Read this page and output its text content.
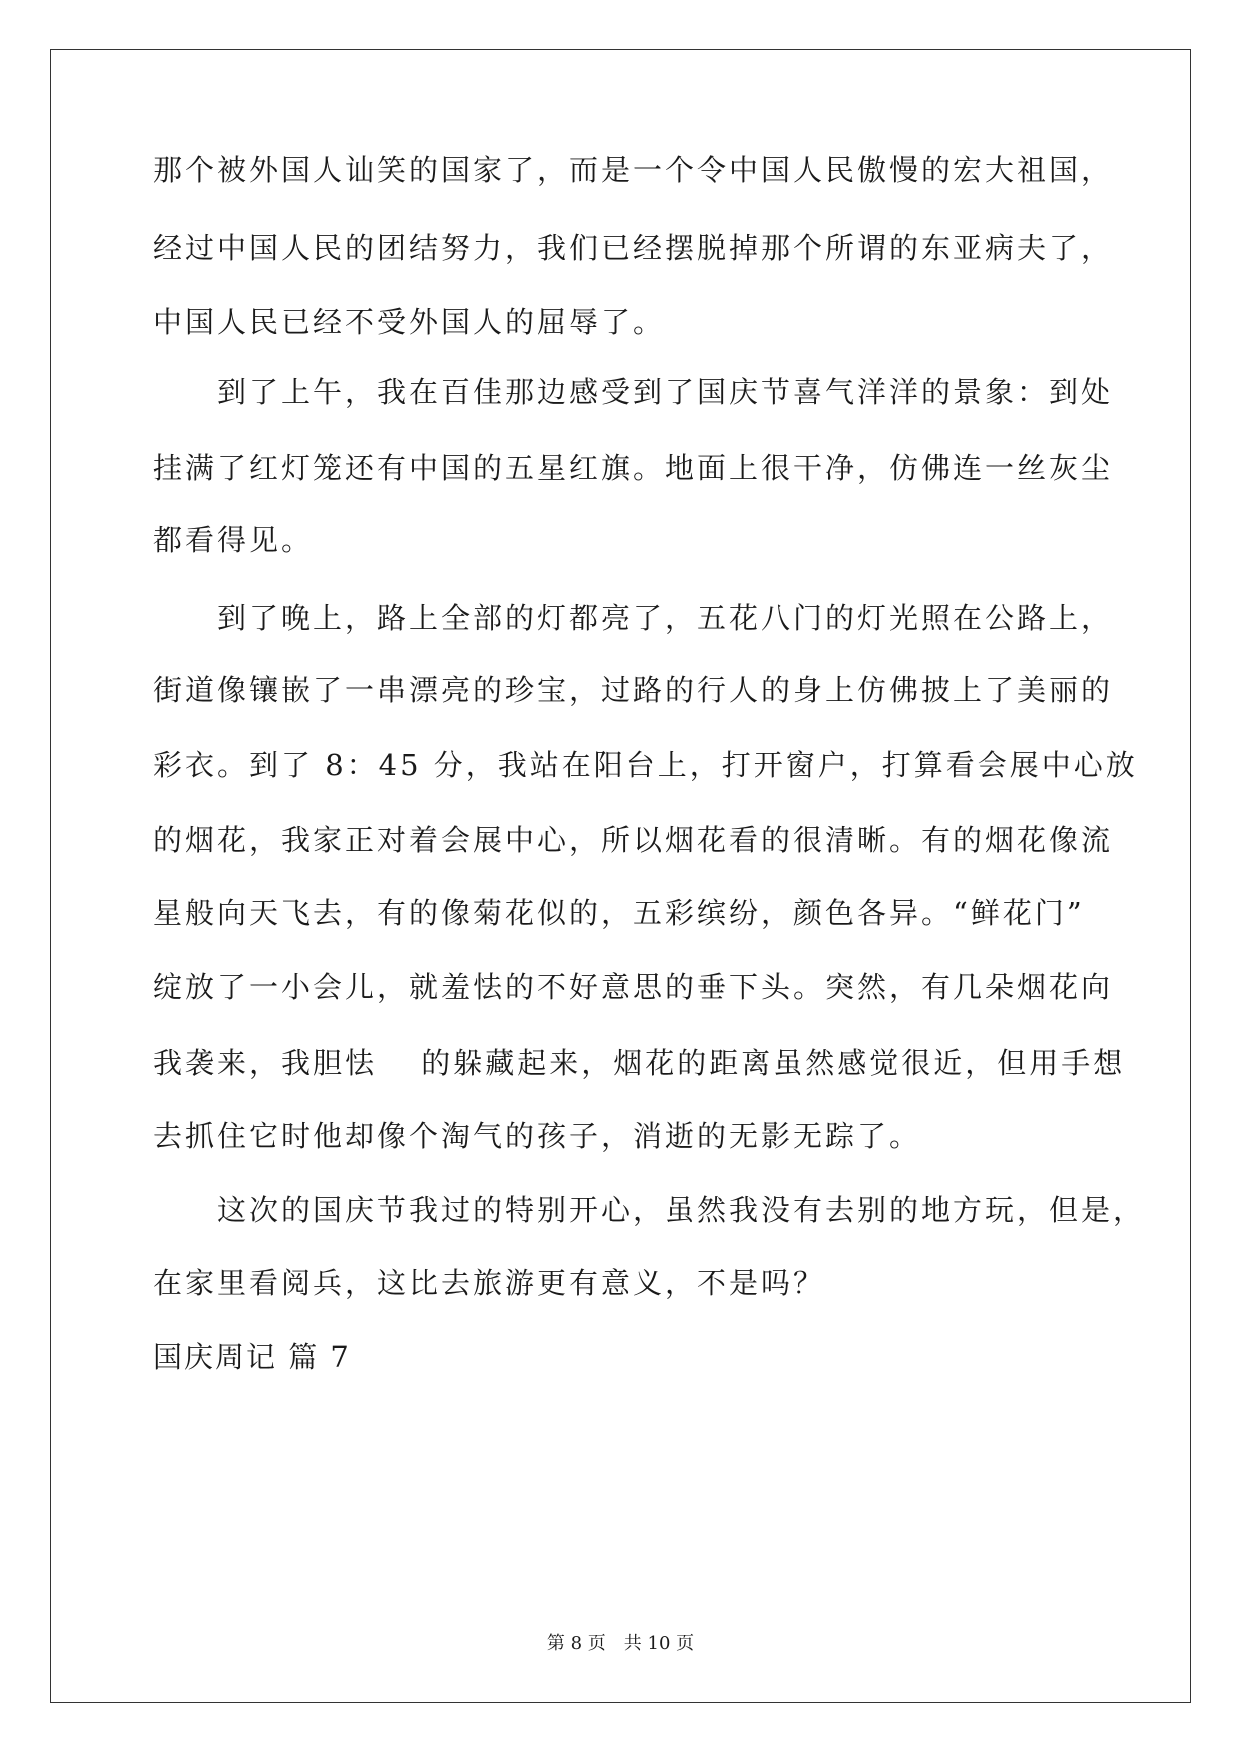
那个被外国人讪笑的国家了，而是一个令中国人民傲慢的宏大祖国，
经过中国人民的团结努力，我们已经摆脱掉那个所谓的东亚病夫了，
中国人民已经不受外国人的屈辱了。
　　到了上午，我在百佳那边感受到了国庆节喜气洋洋的景象：到处
挂满了红灯笼还有中国的五星红旗。地面上很干净，仿佛连一丝灰尘
都看得见。
　　到了晚上，路上全部的灯都亮了，五花八门的灯光照在公路上，
街道像镶嵌了一串漂亮的珍宝，过路的行人的身上仿佛披上了美丽的
彩衣。到了 8：45 分，我站在阳台上，打开窗户，打算看会展中心放
的烟花，我家正对着会展中心，所以烟花看的很清晰。有的烟花像流
星般向天飞去，有的像菊花似的，五彩缤纷，颜色各异。“鲜花门”
绽放了一小会儿，就羞怯的不好意思的垂下头。突然，有几朵烟花向
我袭来，我胆怯　 的躲藏起来，烟花的距离虽然感觉很近，但用手想
去抓住它时他却像个淘气的孩子，消逝的无影无踪了。
　　这次的国庆节我过的特别开心，虽然我没有去别的地方玩，但是，
在家里看阅兵，这比去旅游更有意义，不是吗？
国庆周记 篇 7
第 8 页　共 10 页
